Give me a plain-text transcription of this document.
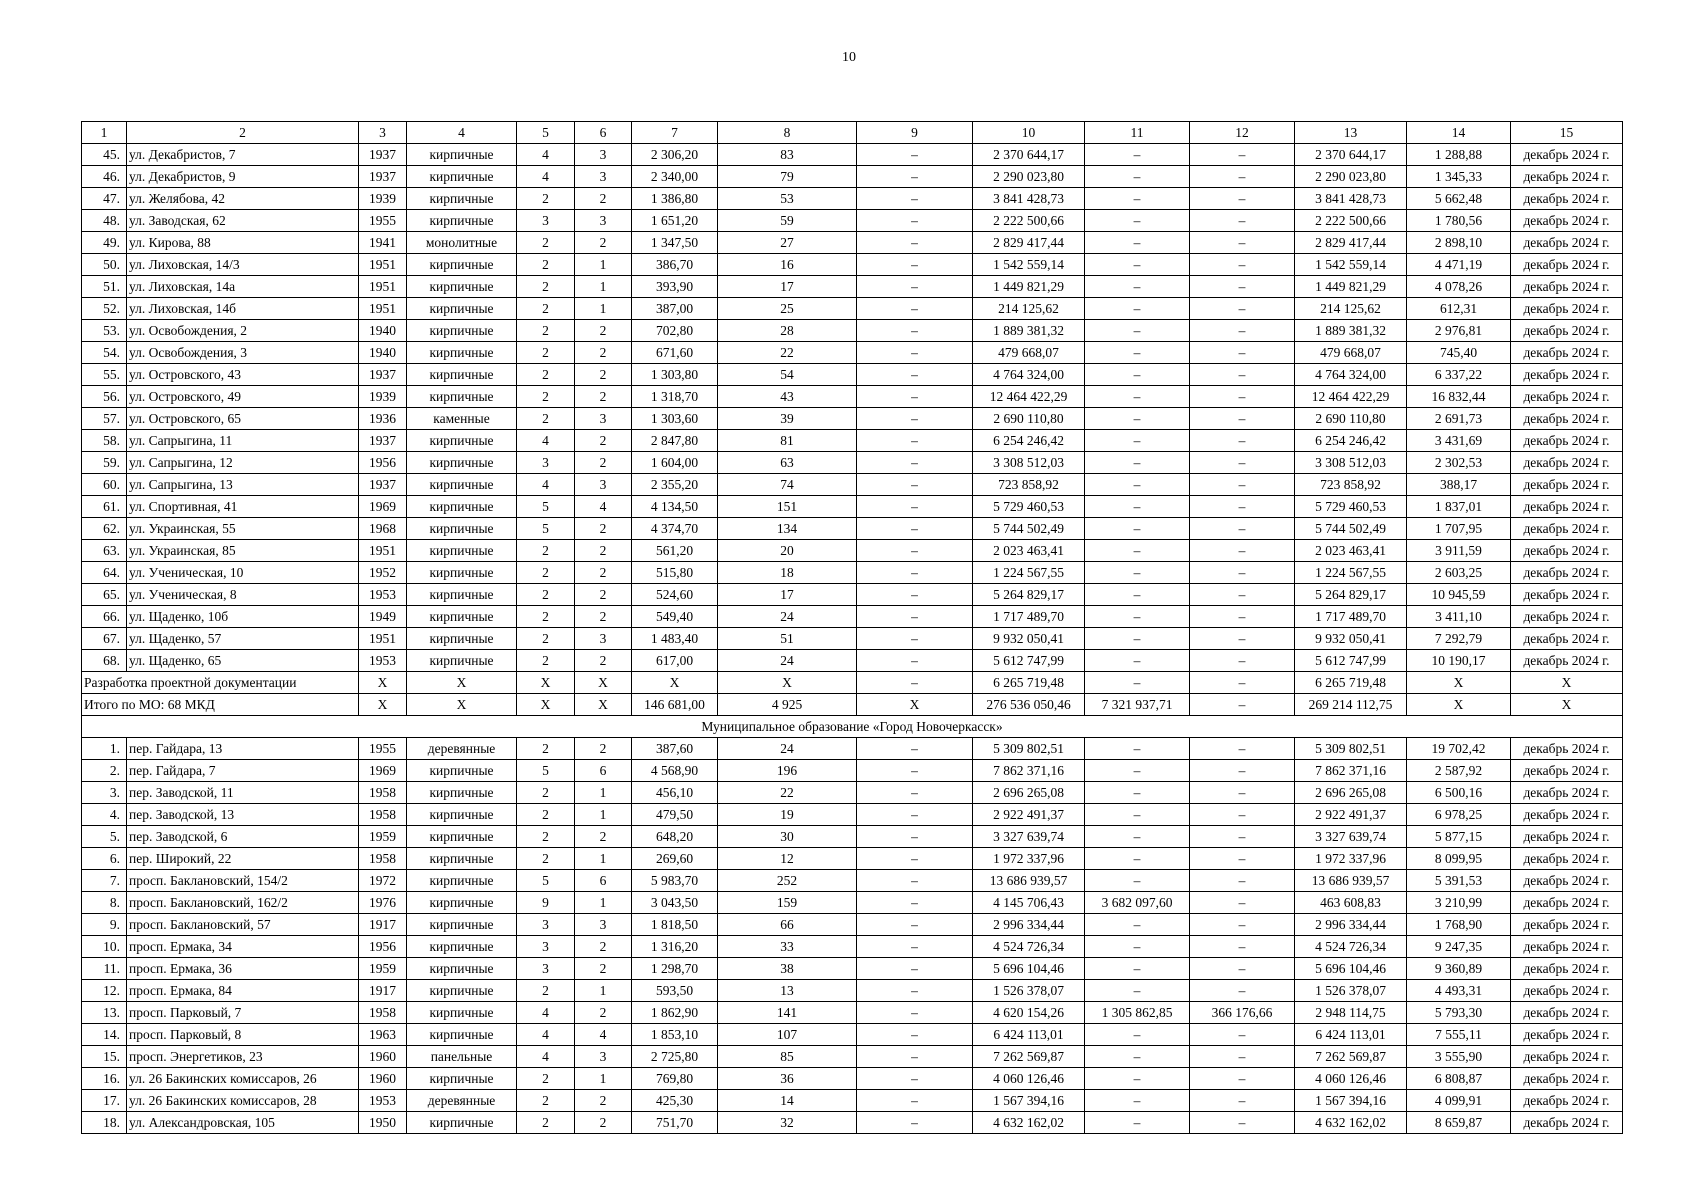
10
1	2	3	4	5	6	7	8	9	10	11	12	13	14	15
45.	ул. Декабристов, 7	1937	кирпичные	4	3	2 306,20	83	–	2 370 644,17	–	–	2 370 644,17	1 288,88	декабрь 2024 г.
46.	ул. Декабристов, 9	1937	кирпичные	4	3	2 340,00	79	–	2 290 023,80	–	–	2 290 023,80	1 345,33	декабрь 2024 г.
47.	ул. Желябова, 42	1939	кирпичные	2	2	1 386,80	53	–	3 841 428,73	–	–	3 841 428,73	5 662,48	декабрь 2024 г.
48.	ул. Заводская, 62	1955	кирпичные	3	3	1 651,20	59	–	2 222 500,66	–	–	2 222 500,66	1 780,56	декабрь 2024 г.
49.	ул. Кирова, 88	1941	монолитные	2	2	1 347,50	27	–	2 829 417,44	–	–	2 829 417,44	2 898,10	декабрь 2024 г.
50.	ул. Лиховская, 14/3	1951	кирпичные	2	1	386,70	16	–	1 542 559,14	–	–	1 542 559,14	4 471,19	декабрь 2024 г.
51.	ул. Лиховская, 14а	1951	кирпичные	2	1	393,90	17	–	1 449 821,29	–	–	1 449 821,29	4 078,26	декабрь 2024 г.
52.	ул. Лиховская, 14б	1951	кирпичные	2	1	387,00	25	–	214 125,62	–	–	214 125,62	612,31	декабрь 2024 г.
53.	ул. Освобождения, 2	1940	кирпичные	2	2	702,80	28	–	1 889 381,32	–	–	1 889 381,32	2 976,81	декабрь 2024 г.
54.	ул. Освобождения, 3	1940	кирпичные	2	2	671,60	22	–	479 668,07	–	–	479 668,07	745,40	декабрь 2024 г.
55.	ул. Островского, 43	1937	кирпичные	2	2	1 303,80	54	–	4 764 324,00	–	–	4 764 324,00	6 337,22	декабрь 2024 г.
56.	ул. Островского, 49	1939	кирпичные	2	2	1 318,70	43	–	12 464 422,29	–	–	12 464 422,29	16 832,44	декабрь 2024 г.
57.	ул. Островского, 65	1936	каменные	2	3	1 303,60	39	–	2 690 110,80	–	–	2 690 110,80	2 691,73	декабрь 2024 г.
58.	ул. Сапрыгина, 11	1937	кирпичные	4	2	2 847,80	81	–	6 254 246,42	–	–	6 254 246,42	3 431,69	декабрь 2024 г.
59.	ул. Сапрыгина, 12	1956	кирпичные	3	2	1 604,00	63	–	3 308 512,03	–	–	3 308 512,03	2 302,53	декабрь 2024 г.
60.	ул. Сапрыгина, 13	1937	кирпичные	4	3	2 355,20	74	–	723 858,92	–	–	723 858,92	388,17	декабрь 2024 г.
61.	ул. Спортивная, 41	1969	кирпичные	5	4	4 134,50	151	–	5 729 460,53	–	–	5 729 460,53	1 837,01	декабрь 2024 г.
62.	ул. Украинская, 55	1968	кирпичные	5	2	4 374,70	134	–	5 744 502,49	–	–	5 744 502,49	1 707,95	декабрь 2024 г.
63.	ул. Украинская, 85	1951	кирпичные	2	2	561,20	20	–	2 023 463,41	–	–	2 023 463,41	3 911,59	декабрь 2024 г.
64.	ул. Ученическая, 10	1952	кирпичные	2	2	515,80	18	–	1 224 567,55	–	–	1 224 567,55	2 603,25	декабрь 2024 г.
65.	ул. Ученическая, 8	1953	кирпичные	2	2	524,60	17	–	5 264 829,17	–	–	5 264 829,17	10 945,59	декабрь 2024 г.
66.	ул. Щаденко, 10б	1949	кирпичные	2	2	549,40	24	–	1 717 489,70	–	–	1 717 489,70	3 411,10	декабрь 2024 г.
67.	ул. Щаденко, 57	1951	кирпичные	2	3	1 483,40	51	–	9 932 050,41	–	–	9 932 050,41	7 292,79	декабрь 2024 г.
68.	ул. Щаденко, 65	1953	кирпичные	2	2	617,00	24	–	5 612 747,99	–	–	5 612 747,99	10 190,17	декабрь 2024 г.
Разработка проектной документации		X	X	X	X	X	X	–	6 265 719,48	–	–	6 265 719,48	X	X
Итого по МО: 68 МКД		X	X	X	X	146 681,00	4 925	X	276 536 050,46	7 321 937,71	–	269 214 112,75	X	X
Муниципальное образование «Город Новочеркасск»														
1.	пер. Гайдара, 13	1955	деревянные	2	2	387,60	24	–	5 309 802,51	–	–	5 309 802,51	19 702,42	декабрь 2024 г.
2.	пер. Гайдара, 7	1969	кирпичные	5	6	4 568,90	196	–	7 862 371,16	–	–	7 862 371,16	2 587,92	декабрь 2024 г.
3.	пер. Заводской, 11	1958	кирпичные	2	1	456,10	22	–	2 696 265,08	–	–	2 696 265,08	6 500,16	декабрь 2024 г.
4.	пер. Заводской, 13	1958	кирпичные	2	1	479,50	19	–	2 922 491,37	–	–	2 922 491,37	6 978,25	декабрь 2024 г.
5.	пер. Заводской, 6	1959	кирпичные	2	2	648,20	30	–	3 327 639,74	–	–	3 327 639,74	5 877,15	декабрь 2024 г.
6.	пер. Широкий, 22	1958	кирпичные	2	1	269,60	12	–	1 972 337,96	–	–	1 972 337,96	8 099,95	декабрь 2024 г.
7.	просп. Баклановский, 154/2	1972	кирпичные	5	6	5 983,70	252	–	13 686 939,57	–	–	13 686 939,57	5 391,53	декабрь 2024 г.
8.	просп. Баклановский, 162/2	1976	кирпичные	9	1	3 043,50	159	–	4 145 706,43	3 682 097,60	–	463 608,83	3 210,99	декабрь 2024 г.
9.	просп. Баклановский, 57	1917	кирпичные	3	3	1 818,50	66	–	2 996 334,44	–	–	2 996 334,44	1 768,90	декабрь 2024 г.
10.	просп. Ермака, 34	1956	кирпичные	3	2	1 316,20	33	–	4 524 726,34	–	–	4 524 726,34	9 247,35	декабрь 2024 г.
11.	просп. Ермака, 36	1959	кирпичные	3	2	1 298,70	38	–	5 696 104,46	–	–	5 696 104,46	9 360,89	декабрь 2024 г.
12.	просп. Ермака, 84	1917	кирпичные	2	1	593,50	13	–	1 526 378,07	–	–	1 526 378,07	4 493,31	декабрь 2024 г.
13.	просп. Парковый, 7	1958	кирпичные	4	2	1 862,90	141	–	4 620 154,26	1 305 862,85	366 176,66	2 948 114,75	5 793,30	декабрь 2024 г.
14.	просп. Парковый, 8	1963	кирпичные	4	4	1 853,10	107	–	6 424 113,01	–	–	6 424 113,01	7 555,11	декабрь 2024 г.
15.	просп. Энергетиков, 23	1960	панельные	4	3	2 725,80	85	–	7 262 569,87	–	–	7 262 569,87	3 555,90	декабрь 2024 г.
16.	ул. 26 Бакинских комиссаров, 26	1960	кирпичные	2	1	769,80	36	–	4 060 126,46	–	–	4 060 126,46	6 808,87	декабрь 2024 г.
17.	ул. 26 Бакинских комиссаров, 28	1953	деревянные	2	2	425,30	14	–	1 567 394,16	–	–	1 567 394,16	4 099,91	декабрь 2024 г.
18.	ул. Александровская, 105	1950	кирпичные	2	2	751,70	32	–	4 632 162,02	–	–	4 632 162,02	8 659,87	декабрь 2024 г.
